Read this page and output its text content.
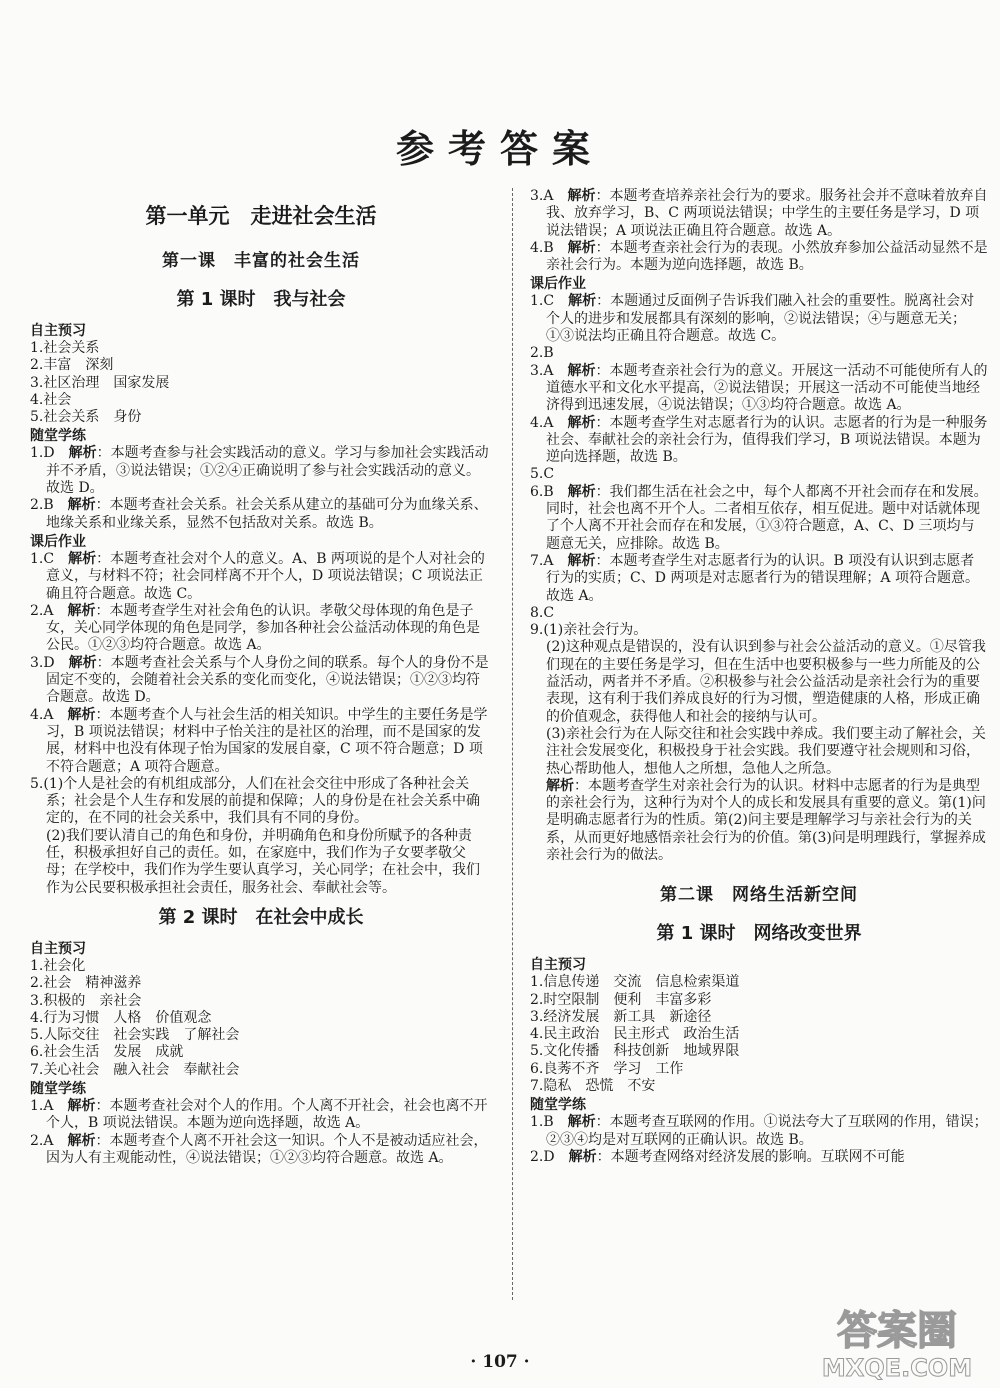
参考答案
第一单元　走进社会生活
第一课　丰富的社会生活
第 1 课时　我与社会
自主预习
1.社会关系
2.丰富　深刻
3.社区治理　国家发展
4.社会
5.社会关系　身份
随堂学练
1.D　解析：本题考查参与社会实践活动的意义。学习与参加社会实践活动并不矛盾，③说法错误；①②④正确说明了参与社会实践活动的意义。故选 D。
2.B　解析：本题考查社会关系。社会关系从建立的基础可分为血缘关系、地缘关系和业缘关系，显然不包括敌对关系。故选 B。
课后作业
1.C　解析：本题考查社会对个人的意义。A、B 两项说的是个人对社会的意义，与材料不符；社会同样离不开个人，D 项说法错误；C 项说法正确且符合题意。故选 C。
2.A　解析：本题考查学生对社会角色的认识。孝敬父母体现的角色是子女，关心同学体现的角色是同学，参加各种社会公益活动体现的角色是公民。①②③均符合题意。故选 A。
3.D　解析：本题考查社会关系与个人身份之间的联系。每个人的身份不是固定不变的，会随着社会关系的变化而变化，④说法错误；①②③均符合题意。故选 D。
4.A　解析：本题考查个人与社会生活的相关知识。中学生的主要任务是学习，B 项说法错误；材料中子怡关注的是社区的治理，而不是国家的发展，材料中也没有体现子怡为国家的发展自豪，C 项不符合题意；D 项不符合题意；A 项符合题意。
5.(1)个人是社会的有机组成部分，人们在社会交往中形成了各种社会关系；社会是个人生存和发展的前提和保障；人的身份是在社会关系中确定的，在不同的社会关系中，我们具有不同的身份。
(2)我们要认清自己的角色和身份，并明确角色和身份所赋予的各种责任，积极承担好自己的责任。如，在家庭中，我们作为子女要孝敬父母；在学校中，我们作为学生要认真学习，关心同学；在社会中，我们作为公民要积极承担社会责任，服务社会、奉献社会等。
第 2 课时　在社会中成长
自主预习
1.社会化
2.社会　精神滋养
3.积极的　亲社会
4.行为习惯　人格　价值观念
5.人际交往　社会实践　了解社会
6.社会生活　发展　成就
7.关心社会　融入社会　奉献社会
随堂学练
1.A　解析：本题考查社会对个人的作用。个人离不开社会，社会也离不开个人，B 项说法错误。本题为逆向选择题，故选 A。
2.A　解析：本题考查个人离不开社会这一知识。个人不是被动适应社会，因为人有主观能动性，④说法错误；①②③均符合题意。故选 A。
3.A　解析：本题考查培养亲社会行为的要求。服务社会并不意味着放弃自我、放弃学习，B、C 两项说法错误；中学生的主要任务是学习，D 项说法错误；A 项说法正确且符合题意。故选 A。
4.B　解析：本题考查亲社会行为的表现。小然放弃参加公益活动显然不是亲社会行为。本题为逆向选择题，故选 B。
课后作业
1.C　解析：本题通过反面例子告诉我们融入社会的重要性。脱离社会对个人的进步和发展都具有深刻的影响，②说法错误；④与题意无关；①③说法均正确且符合题意。故选 C。
2.B
3.A　解析：本题考查亲社会行为的意义。开展这一活动不可能使所有人的道德水平和文化水平提高，②说法错误；开展这一活动不可能使当地经济得到迅速发展，④说法错误；①③均符合题意。故选 A。
4.A　解析：本题考查学生对志愿者行为的认识。志愿者的行为是一种服务社会、奉献社会的亲社会行为，值得我们学习，B 项说法错误。本题为逆向选择题，故选 B。
5.C
6.B　解析：我们都生活在社会之中，每个人都离不开社会而存在和发展。同时，社会也离不开个人。二者相互依存，相互促进。题中对话就体现了个人离不开社会而存在和发展，①③符合题意，A、C、D 三项均与题意无关，应排除。故选 B。
7.A　解析：本题考查学生对志愿者行为的认识。B 项没有认识到志愿者行为的实质；C、D 两项是对志愿者行为的错误理解；A 项符合题意。故选 A。
8.C
9.(1)亲社会行为。
(2)这种观点是错误的，没有认识到参与社会公益活动的意义。①尽管我们现在的主要任务是学习，但在生活中也要积极参与一些力所能及的公益活动，两者并不矛盾。②积极参与社会公益活动是亲社会行为的重要表现，这有利于我们养成良好的行为习惯，塑造健康的人格，形成正确的价值观念，获得他人和社会的接纳与认可。
(3)亲社会行为在人际交往和社会实践中养成。我们要主动了解社会，关注社会发展变化，积极投身于社会实践。我们要遵守社会规则和习俗，热心帮助他人，想他人之所想，急他人之所急。
解析：本题考查学生对亲社会行为的认识。材料中志愿者的行为是典型的亲社会行为，这种行为对个人的成长和发展具有重要的意义。第(1)问是明确志愿者行为的性质。第(2)问主要是理解学习与亲社会行为的关系，从而更好地感悟亲社会行为的价值。第(3)问是明理践行，掌握养成亲社会行为的做法。
第二课　网络生活新空间
第 1 课时　网络改变世界
自主预习
1.信息传递　交流　信息检索渠道
2.时空限制　便利　丰富多彩
3.经济发展　新工具　新途径
4.民主政治　民主形式　政治生活
5.文化传播　科技创新　地域界限
6.良莠不齐　学习　工作
7.隐私　恐慌　不安
随堂学练
1.B　解析：本题考查互联网的作用。①说法夸大了互联网的作用，错误；②③④均是对互联网的正确认识。故选 B。
2.D　解析：本题考查网络对经济发展的影响。互联网不可能
· 107 ·
答案圈
MXQE.COM
